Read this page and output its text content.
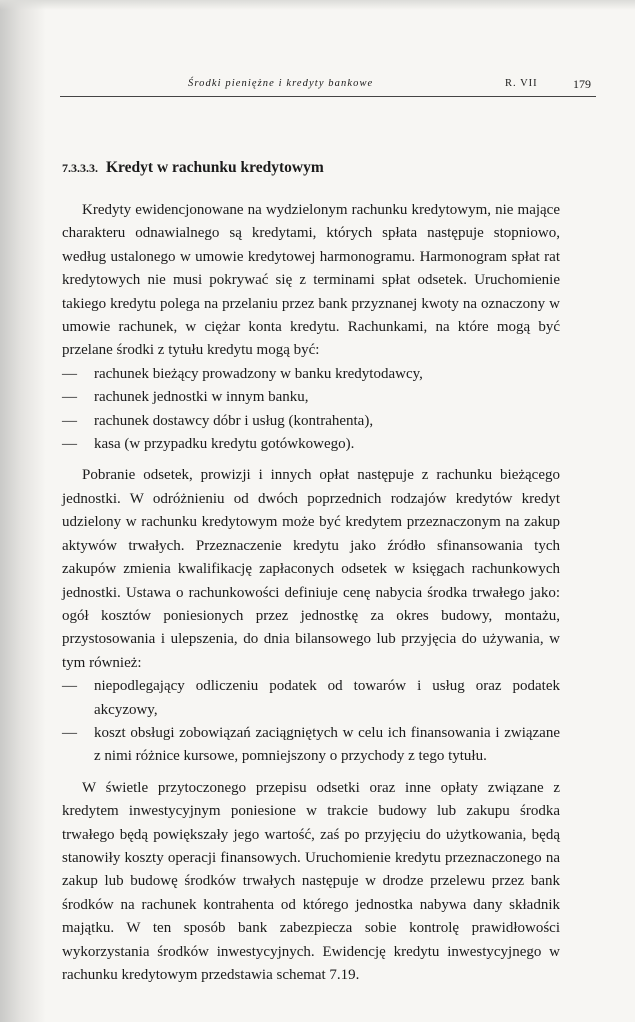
Środki pieniężne i kredyty bankowe	R. VII	179
7.3.3.3. Kredyt w rachunku kredytowym

Kredyty ewidencjonowane na wydzielonym rachunku kredytowym, nie mające charakteru odnawialnego są kredytami, których spłata następuje stopniowo, według ustalonego w umowie kredytowej harmonogramu. Harmonogram spłat rat kredytowych nie musi pokrywać się z terminami spłat odsetek. Uruchomienie takiego kredytu polega na przelaniu przez bank przyznanej kwoty na oznaczony w umowie rachunek, w ciężar konta kredytu. Rachunkami, na które mogą być przelane środki z tytułu kredytu mogą być:

— rachunek bieżący prowadzony w banku kredytodawcy,
— rachunek jednostki w innym banku,
— rachunek dostawcy dóbr i usług (kontrahenta),
— kasa (w przypadku kredytu gotówkowego).

Pobranie odsetek, prowizji i innych opłat następuje z rachunku bieżącego jednostki. W odróżnieniu od dwóch poprzednich rodzajów kredytów kredyt udzielony w rachunku kredytowym może być kredytem przeznaczonym na zakup aktywów trwałych. Przeznaczenie kredytu jako źródło sfinansowania tych zakupów zmienia kwalifikację zapłaconych odsetek w księgach rachunkowych jednostki. Ustawa o rachunkowości definiuje cenę nabycia środka trwałego jako: ogół kosztów poniesionych przez jednostkę za okres budowy, montażu, przystosowania i ulepszenia, do dnia bilansowego lub przyjęcia do używania, w tym również:

— niepodlegający odliczeniu podatek od towarów i usług oraz podatek akcyzowy,
— koszt obsługi zobowiązań zaciągniętych w celu ich finansowania i związane z nimi różnice kursowe, pomniejszony o przychody z tego tytułu.

W świetle przytoczonego przepisu odsetki oraz inne opłaty związane z kredytem inwestycyjnym poniesione w trakcie budowy lub zakupu środka trwałego będą powiększały jego wartość, zaś po przyjęciu do użytkowania, będą stanowiły koszty operacji finansowych. Uruchomienie kredytu przeznaczonego na zakup lub budowę środków trwałych następuje w drodze przelewu przez bank środków na rachunek kontrahenta od którego jednostka nabywa dany składnik majątku. W ten sposób bank zabezpiecza sobie kontrolę prawidłowości wykorzystania środków inwestycyjnych. Ewidencję kredytu inwestycyjnego w rachunku kredytowym przedstawia schemat 7.19.
